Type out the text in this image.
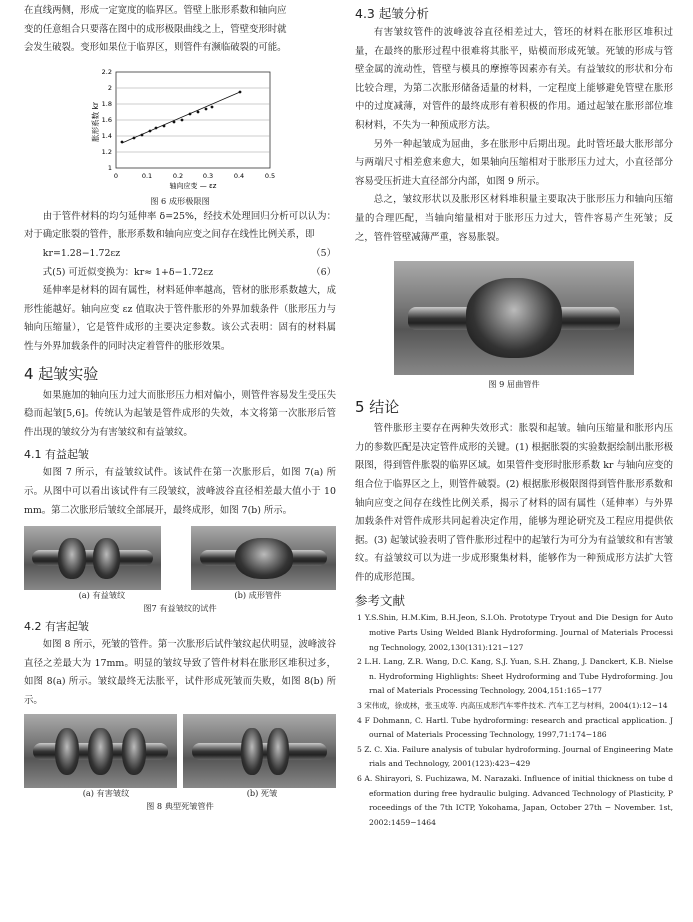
在直线两侧，形成一定宽度的临界区。管壁上胀形系数和轴向应

变的任意组合只要落在图中的成形极限曲线之上，管壁变形时就

会发生破裂。变形如果位于临界区，则管件有濒临破裂的可能。

胀形系数 kr
2.2
2
1.8
1.6
1.4
1.2
1
0	0.1	0.2	0.3	0.4	0.5
轴向应变 — εz
图 6 成形极限图

由于管件材料的均匀延伸率 δ=25%，经技术处理回归分析可以认为：对于确定胀裂的管件，胀形系数和轴向应变之间存在线性比例关系，即

kr=1.28−1.72εz	（5）
式(5) 可近似变换为：kr≈ 1+δ−1.72εz	（6）

延伸率是材料的固有属性，材料延伸率越高，管材的胀形系数越大，成形性能越好。轴向应变 εz 值取决于管件胀形的外界加载条件（胀形压力与轴向压缩量），它是管件成形的主要决定参数。该公式表明：固有的材料属性与外界加载条件的同时决定着管件的胀形效果。

4 起皱实验

如果施加的轴向压力过大而胀形压力相对偏小，则管件容易发生受压失稳而起皱[5,6]。传统认为起皱是管件成形的失效，本文将第一次胀形后管件出现的皱纹分为有害皱纹和有益皱纹。

4.1 有益起皱

如图 7 所示，有益皱纹试件。该试件在第一次胀形后，如图 7(a) 所示。从图中可以看出该试件有三段皱纹，波峰波谷直径相差最大值小于 10mm。第二次胀形后皱纹全部展开，最终成形，如图 7(b) 所示。

(a) 有益皱纹	(b) 成形管件
图7 有益皱纹的试件
4.2 有害起皱

如图 8 所示，死皱的管件。第一次胀形后试件皱纹起伏明显，波峰波谷直径之差最大为 17mm。明显的皱纹导致了管件材料在胀形区堆积过多，如图 8(a) 所示。皱纹最终无法胀平，试件形成死皱而失败，如图 8(b) 所示。

(a) 有害皱纹	(b) 死皱
图 8 典型死皱管件
4.3 起皱分析

有害皱纹管件的波峰波谷直径相差过大，管坯的材料在胀形区堆积过量，在最终的胀形过程中很难将其胀平，贴模而形成死皱。死皱的形成与管壁金属的流动性，管壁与模具的摩擦等因素亦有关。有益皱纹的形状和分布比较合理，为第二次胀形储备适量的材料，一定程度上能够避免管壁在胀形中的过度减薄，对管件的最终成形有着积极的作用。通过起皱在胀形部位堆积材料，不失为一种预成形方法。

另外一种起皱成为屈曲，多在胀形中后期出现。此时管坯最大胀形部分与两端尺寸相差愈来愈大，如果轴向压缩相对于胀形压力过大，小直径部分容易受压折进大直径部分内部，如图 9 所示。

总之，皱纹形状以及胀形区材料堆积量主要取决于胀形压力和轴向压缩量的合理匹配，当轴向缩量相对于胀形压力过大，管件容易产生死皱；反之，管件管壁减薄严重，容易胀裂。

图 9 屈曲管件
5 结论

管件胀形主要存在两种失效形式：胀裂和起皱。轴向压缩量和胀形内压力的参数匹配是决定管件成形的关键。(1) 根据胀裂的实验数据绘制出胀形极限图，得到管件胀裂的临界区域。如果管件变形时胀形系数 kr 与轴向应变的组合位于临界区之上，则管件破裂。(2) 根据胀形极限图得到管件胀形系数和轴向应变之间存在线性比例关系，揭示了材料的固有属性（延伸率）与外界加载条件对管件成形共同起着决定作用，能够为理论研究及工程应用提供依据。(3) 起皱试验表明了管件胀形过程中的起皱行为可分为有益皱纹和有害皱纹。有益皱纹可以为进一步成形聚集材料，能够作为一种预成形方法扩大管件的成形范围。

参考文献

1 Y.S.Shin, H.M.Kim, B.H.Jeon, S.I.Oh. Prototype Tryout and Die Design for Automotive Parts Using Welded Blank Hydroforming. Journal of Materials Processing Technology, 2002,130(131):121−127

2 L.H. Lang, Z.R. Wang, D.C. Kang, S.J. Yuan, S.H. Zhang, J. Danckert, K.B. Nielsen. Hydroforming Highlights: Sheet Hydroforming and Tube Hydroforming. Journal of Materials Processing Technology, 2004,151:165−177

3 宋伟成，徐成林，张玉成等. 内高压成形汽车零件技术. 汽车工艺与材料，2004(1):12−14

4 F Dohmann, C. Hartl. Tube hydroforming: research and practical application. Journal of Materials Processing Technology, 1997,71:174−186

5 Z. C. Xia. Failure analysis of tubular hydroforming. Journal of Engineering Materials and Technology, 2001(123):423−429

6 A. Shirayori, S. Fuchizawa, M. Narazaki. Influence of initial thickness on tube deformation during free hydraulic bulging. Advanced Technology of Plasticity, Proceedings of the 7th ICTP, Yokohama, Japan, October 27th − November. 1st, 2002:1459−1464
